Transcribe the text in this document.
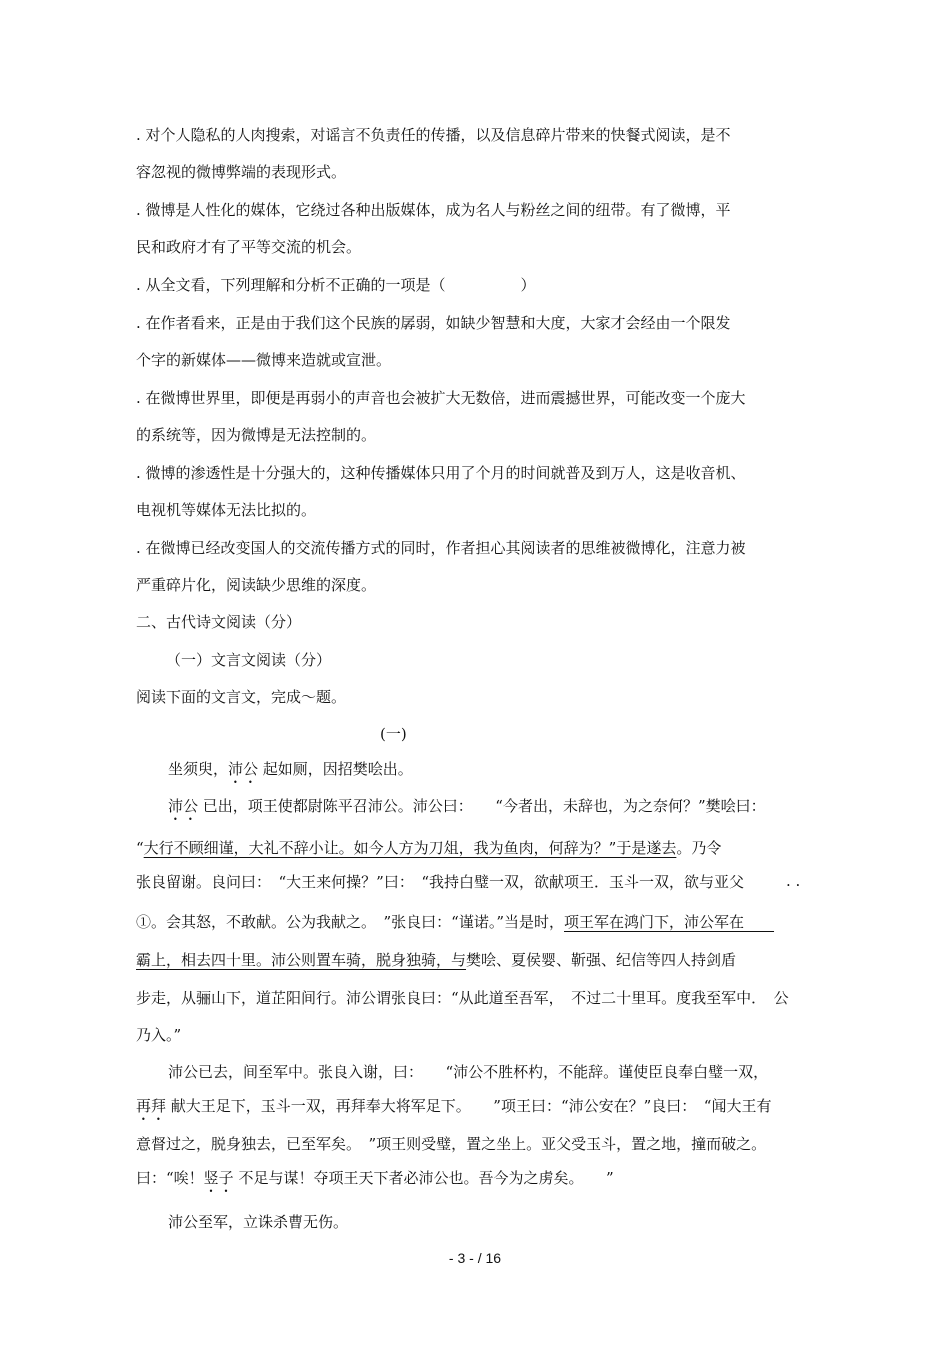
. 对个人隐私的人肉搜索，对谣言不负责任的传播，以及信息碎片带来的快餐式阅读，是不
容忽视的微博弊端的表现形式。
. 微博是人性化的媒体，它绕过各种出版媒体，成为名人与粉丝之间的纽带。有了微博，平
民和政府才有了平等交流的机会。
. 从全文看，下列理解和分析不正确的一项是（　　　　　）
. 在作者看来，正是由于我们这个民族的孱弱，如缺少智慧和大度，大家才会经由一个限发
个字的新媒体——微博来造就或宣泄。
. 在微博世界里，即便是再弱小的声音也会被扩大无数倍，进而震撼世界，可能改变一个庞大
的系统等，因为微博是无法控制的。
. 微博的渗透性是十分强大的，这种传播媒体只用了个月的时间就普及到万人，这是收音机、
电视机等媒体无法比拟的。
. 在微博已经改变国人的交流传播方式的同时，作者担心其阅读者的思维被微博化，注意力被
严重碎片化，阅读缺少思维的深度。
二、古代诗文阅读（分）
（一）文言文阅读（分）
阅读下面的文言文，完成～题。
(一)
坐须臾，沛公 起如厕，因招樊哙出。
沛公 已出，项王使都尉陈平召沛公。沛公曰：　　“今者出，未辞也，为之奈何？”樊哙曰：
“大行不顾细谨，大礼不辞小让。如今人方为刀俎，我为鱼肉，何辞为？”于是遂去。乃令
张良留谢。良问曰：　“大王来何操？”曰：　“我持白璧一双，欲献项王．玉斗一双，欲与亚父	. .
①。会其怒，不敢献。公为我献之。　”张良曰：“谨诺。”当是时，项王军在鸿门下，沛公军在　　
霸上，相去四十里。沛公则置车骑，脱身独骑，与樊哙、夏侯婴、靳强、纪信等四人持剑盾
步走，从骊山下，道芷阳间行。沛公谓张良曰：“从此道至吾军，　不过二十里耳。度我至军中．　公
乃入。”
沛公已去，间至军中。张良入谢，曰：　　“沛公不胜杯杓，不能辞。谨使臣良奉白璧一双，
再拜 献大王足下，玉斗一双，再拜奉大将军足下。　　”项王曰：“沛公安在？”良曰：　“闻大王有
意督过之，脱身独去，已至军矣。　”项王则受璧，置之坐上。亚父受玉斗，置之地，撞而破之。
曰：“唉！竖子 不足与谋！夺项王天下者必沛公也。吾今为之虏矣。　　”
沛公至军，立诛杀曹无伤。
- 3 - / 16
